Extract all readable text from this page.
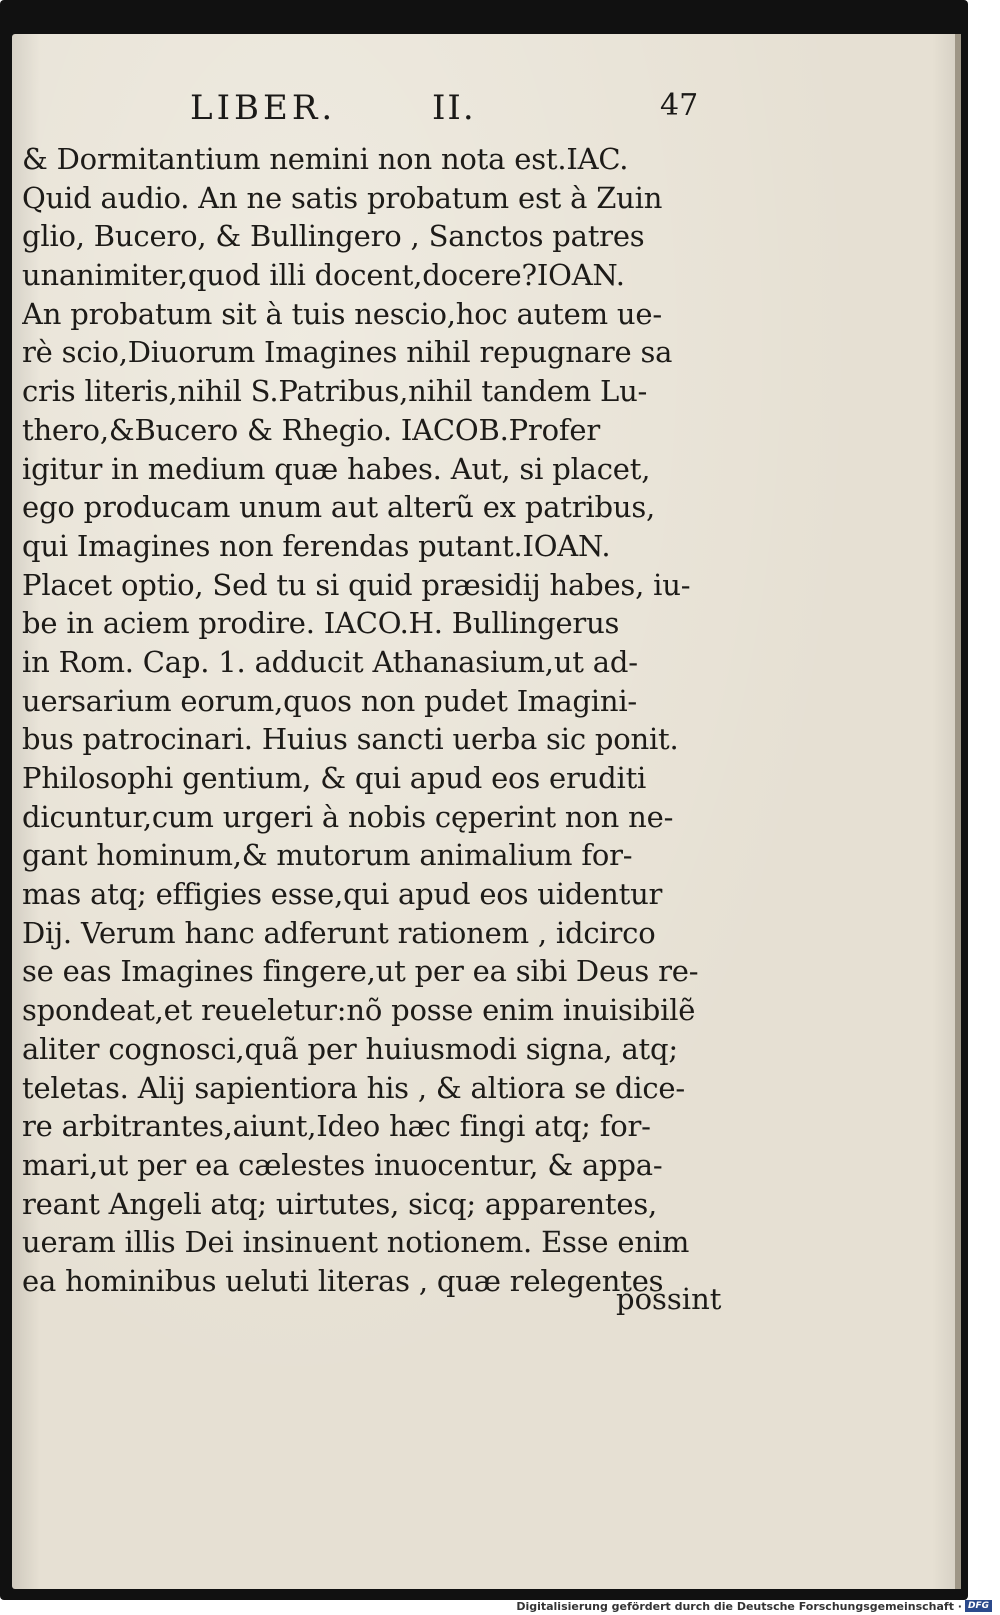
LIBER.	II.	47
& Dormitantium nemini non nota est.IAC.
Quid audio. An ne satis probatum est à Zuin
glio, Bucero, & Bullingero , Sanctos patres
unanimiter,quod illi docent,docere?IOAN.
An probatum sit à tuis nescio,hoc autem ue-
rè scio,Diuorum Imagines nihil repugnare sa
cris literis,nihil S.Patribus,nihil tandem Lu-
thero,&Bucero & Rhegio. IACOB.Profer
igitur in medium quæ habes. Aut, si placet,
ego producam unum aut alterũ ex patribus,
qui Imagines non ferendas putant.IOAN.
Placet optio, Sed tu si quid præsidij habes, iu-
be in aciem prodire. IACO.H. Bullingerus
in Rom. Cap. 1. adducit Athanasium,ut ad-
uersarium eorum,quos non pudet Imagini-
bus patrocinari. Huius sancti uerba sic ponit.
Philosophi gentium, & qui apud eos eruditi
dicuntur,cum urgeri à nobis cęperint non ne-
gant hominum,& mutorum animalium for-
mas atq; effigies esse,qui apud eos uidentur
Dij. Verum hanc adferunt rationem , idcirco
se eas Imagines fingere,ut per ea sibi Deus re-
spondeat,et reueletur:nõ posse enim inuisibilẽ
aliter cognosci,quã per huiusmodi signa, atq;
teletas. Alij sapientiora his , & altiora se dice-
re arbitrantes,aiunt,Ideo hæc fingi atq; for-
mari,ut per ea cælestes inuocentur, & appa-
reant Angeli atq; uirtutes, sicq; apparentes,
ueram illis Dei insinuent notionem. Esse enim
ea hominibus ueluti literas , quæ relegentes
possint
Digitalisierung gefördert durch die Deutsche Forschungsgemeinschaft · DFG
